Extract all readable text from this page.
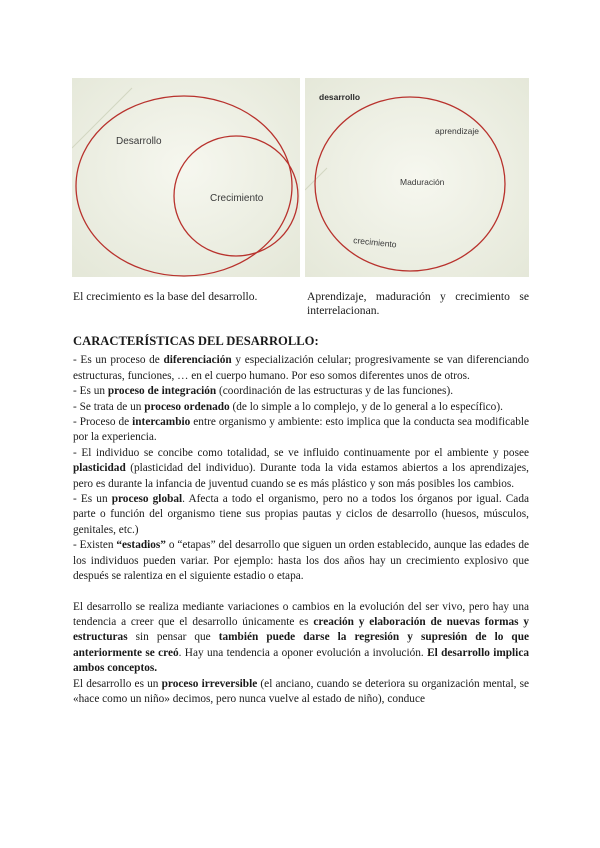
Desarrollo
Crecimiento
desarrollo
aprendizaje
Maduración
crecimiento
El crecimiento es la base del desarrollo.	Aprendizaje, maduración y crecimiento se interrelacionan.
CARACTERÍSTICAS DEL DESARROLLO:

- Es un proceso de diferenciación y especialización celular; progresivamente se van diferenciando estructuras, funciones, … en el cuerpo humano. Por eso somos diferentes unos de otros.

- Es un proceso de integración (coordinación de las estructuras y de las funciones).

- Se trata de un proceso ordenado (de lo simple a lo complejo, y de lo general a lo específico).

- Proceso de intercambio entre organismo y ambiente: esto implica que la conducta sea modificable por la experiencia.

- El individuo se concibe como totalidad, se ve influido continuamente por el ambiente y posee plasticidad (plasticidad del individuo). Durante toda la vida estamos abiertos a los aprendizajes, pero es durante la infancia de juventud cuando se es más plástico y son más posibles los cambios.

- Es un proceso global. Afecta a todo el organismo, pero no a todos los órganos por igual. Cada parte o función del organismo tiene sus propias pautas y ciclos de desarrollo (huesos, músculos, genitales, etc.)

- Existen “estadios” o “etapas” del desarrollo que siguen un orden establecido, aunque las edades de los individuos pueden variar. Por ejemplo: hasta los dos años hay un crecimiento explosivo que después se ralentiza en el siguiente estadio o etapa.

El desarrollo se realiza mediante variaciones o cambios en la evolución del ser vivo, pero hay una tendencia a creer que el desarrollo únicamente es creación y elaboración de nuevas formas y estructuras sin pensar que también puede darse la regresión y supresión de lo que anteriormente se creó. Hay una tendencia a oponer evolución a involución. El desarrollo implica ambos conceptos.

El desarrollo es un proceso irreversible (el anciano, cuando se deteriora su organización mental, se «hace como un niño» decimos, pero nunca vuelve al estado de niño), conduce
